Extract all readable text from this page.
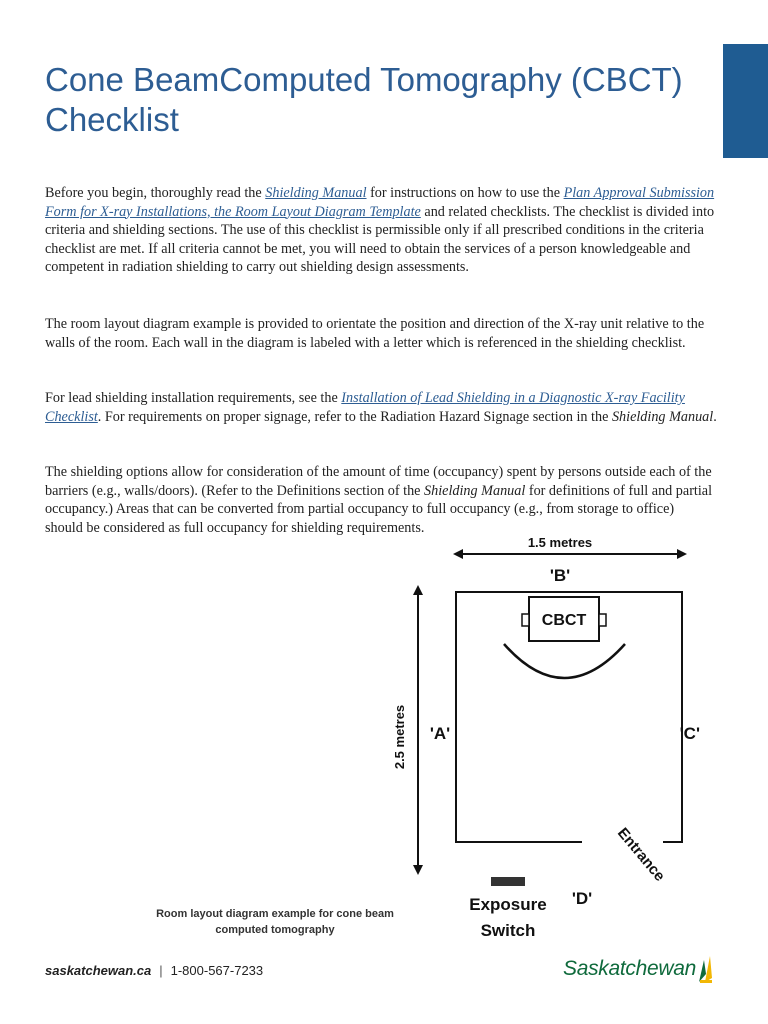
Cone BeamComputed Tomography (CBCT) Checklist

Before you begin, thoroughly read the Shielding Manual for instructions on how to use the Plan Approval Submission Form for X-ray Installations, the Room Layout Diagram Template and related checklists. The checklist is divided into criteria and shielding sections. The use of this checklist is permissible only if all prescribed conditions in the criteria checklist are met. If all criteria cannot be met, you will need to obtain the services of a person knowledgeable and competent in radiation shielding to carry out shielding design assessments.

The room layout diagram example is provided to orientate the position and direction of the X-ray unit relative to the walls of the room. Each wall in the diagram is labeled with a letter which is referenced in the shielding checklist.

For lead shielding installation requirements, see the Installation of Lead Shielding in a Diagnostic X-ray Facility Checklist. For requirements on proper signage, refer to the Radiation Hazard Signage section in the Shielding Manual.

The shielding options allow for consideration of the amount of time (occupancy) spent by persons outside each of the barriers (e.g., walls/doors). (Refer to the Definitions section of the Shielding Manual for definitions of full and partial occupancy.) Areas that can be converted from partial occupancy to full occupancy (e.g., from storage to office) should be considered as full occupancy for shielding requirements.

1.5 metres
2.5 metres
'B'
CBCT
'A'	'C'
Entrance
Exposure
Switch
'D'
Room layout diagram example for cone beam computed tomography
saskatchewan.ca | 1-800-567-7233	Saskatchewan
